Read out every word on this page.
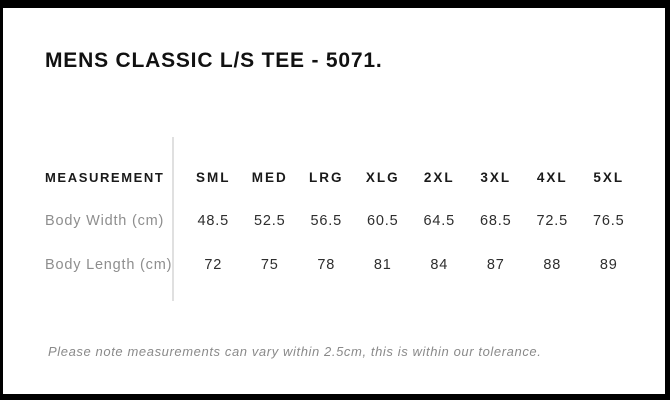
MENS CLASSIC L/S TEE - 5071.
MEASUREMENT	SML	MED	LRG	XLG	2XL	3XL	4XL	5XL
Body Width (cm)	48.5	52.5	56.5	60.5	64.5	68.5	72.5	76.5
Body Length (cm)	72	75	78	81	84	87	88	89

Please note measurements can vary within 2.5cm, this is within our tolerance.
